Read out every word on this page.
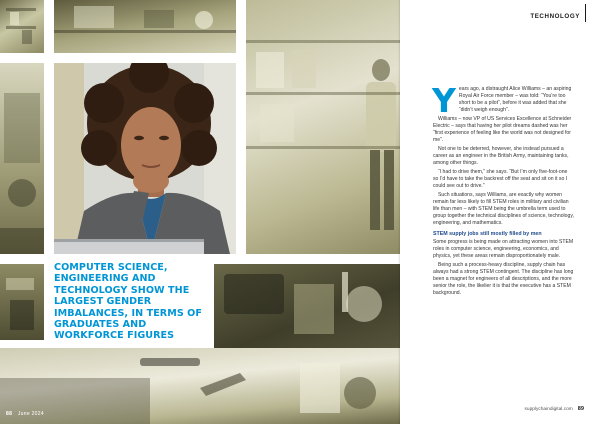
88 June 2024
COMPUTER SCIENCE, ENGINEERING AND TECHNOLOGY SHOW THE LARGEST GENDER IMBALANCES, IN TERMS OF GRADUATES AND WORKFORCE FIGURES
TECHNOLOGY

Years ago, a distraught Alice Williams – an aspiring Royal Air Force member – was told: “You’re too short to be a pilot”, before it was added that she “didn’t weigh enough”.

Williams – now VP of US Services Excellence at Schneider Electric – says that having her pilot dreams dashed was her “first experience of feeling like the world was not designed for me”.

Not one to be deterred, however, she instead pursued a career as an engineer in the British Army, maintaining tanks, among other things.

“I had to drive them,” she says. “But I’m only five-foot-one so I’d have to take the backrest off the seat and sit on it so I could see out to drive.”

Such situations, says Williams, are exactly why women remain far less likely to fill STEM roles in military and civilian life than men – with STEM being the umbrella term used to group together the technical disciplines of science, technology, engineering, and mathematics.

STEM supply jobs still mostly filled by men

Some progress is being made on attracting women into STEM roles in computer science, engineering, economics, and physics, yet these areas remain disproportionately male.

Being such a process-heavy discipline, supply chain has always had a strong STEM contingent. The discipline has long been a magnet for engineers of all descriptions, and the more senior the role, the likelier it is that the executive has a STEM background.

supplychaindigital.com 89
